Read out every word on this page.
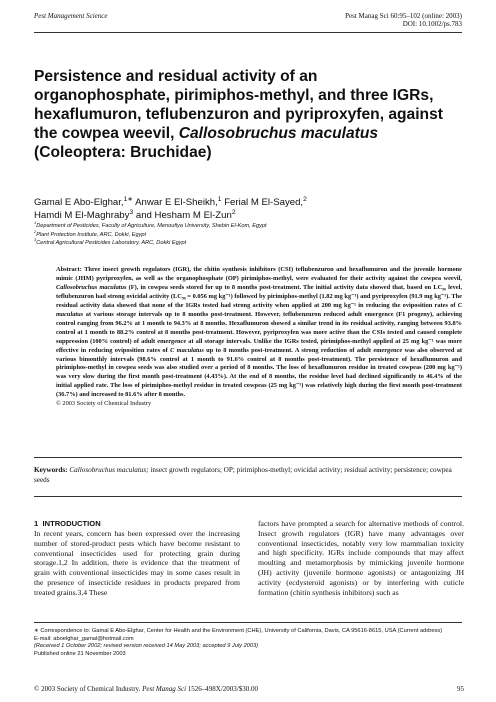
Pest Management Science	Pest Manag Sci 60:95–102 (online: 2003)
DOI: 10.1002/ps.783
Persistence and residual activity of an organophosphate, pirimiphos-methyl, and three IGRs, hexaflumuron, teflubenzuron and pyriproxyfen, against the cowpea weevil, Callosobruchus maculatus (Coleoptera: Bruchidae)
Gamal E Abo-Elghar,$^{1∗}$ Anwar E El-Sheikh,$^1$ Ferial M El-Sayed,$^2$
Hamdi M El-Maghraby$^3$ and Hesham M El-Zun$^2$
$^1$Department of Pesticides, Faculty of Agriculture, Menoufiya University, Shebin El-Kom, Egypt
$^2$Plant Protection Institute, ARC, Dokki, Egypt
$^3$Central Agricultural Pesticides Laboratory, ARC, Dokki Egypt
Abstract: Three insect growth regulators (IGR), the chitin synthesis inhibitors (CSI) teflubenzuron and hexaflumuron and the juvenile hormone mimic (JHM) pyriproxyfen, as well as the organophosphate (OP) pirimiphos-methyl, were evaluated for their activity against the cowpea weevil, Callosobruchus maculatus (F), in cowpea seeds stored for up to 8 months post-treatment. The initial activity data showed that, based on LC₉₀ level, teflubenzuron had strong ovicidal activity (LC₉₀ = 0.056 mg kg⁻¹) followed by pirimiphos-methyl (1.82 mg kg⁻¹) and pyriproxyfen (91.9 mg kg⁻¹). The residual activity data showed that none of the IGRs tested had strong activity when applied at 200 mg kg⁻¹ in reducing the oviposition rates of C maculatus at various storage intervals up to 8 months post-treatment. However, teflubenzuron reduced adult emergence (F1 progeny), achieving control ranging from 96.2% at 1 month to 94.3% at 8 months. Hexaflumuron showed a similar trend in its residual activity, ranging between 93.8% control at 1 month to 88.2% control at 8 months post-treatment. However, pyriproxyfen was more active than the CSIs tested and caused complete suppression (100% control) of adult emergence at all storage intervals. Unlike the IGRs tested, pirimiphos-methyl applied at 25 mg kg⁻¹ was more effective in reducing oviposition rates of C maculatus up to 8 months post-treatment. A strong reduction of adult emergence was also observed at various bimonthly intervals (98.6% control at 1 month to 91.6% control at 8 months post-treatment). The persistence of hexaflumuron and pirimiphos-methyl in cowpea seeds was also studied over a period of 8 months. The loss of hexaflumuron residue in treated cowpeas (200 mg kg⁻¹) was very slow during the first month post-treatment (4.43%). At the end of 8 months, the residue level had declined significantly to 46.4% of the initial applied rate. The loss of pirimiphos-methyl residue in treated cowpeas (25 mg kg⁻¹) was relatively high during the first month post-treatment (36.7%) and increased to 81.6% after 8 months.
© 2003 Society of Chemical Industry
Keywords: Callosobruchus maculatus; insect growth regulators; OP; pirimiphos-methyl; ovicidal activity; residual activity; persistence; cowpea seeds
1 INTRODUCTION
In recent years, concern has been expressed over the increasing number of stored-product pests which have become resistant to conventional insecticides used for protecting grain during storage.1,2 In addition, there is evidence that the treatment of grain with conventional insecticides may in some cases result in the presence of insecticide residues in products prepared from treated grains.3,4 These
factors have prompted a search for alternative methods of control. Insect growth regulators (IGR) have many advantages over conventional insecticides, notably very low mammalian toxicity and high specificity. IGRs include compounds that may affect moulting and metamorphosis by mimicking juvenile hormone (JH) activity (juvenile hormone agonists) or antagonizing JH activity (ecdysteroid agonists) or by interfering with cuticle formation (chitin synthesis inhibitors) such as
∗ Correspondence to: Gamal E Abo-Elghar, Center for Health and the Environment (CHE), University of California, Davis, CA 95616-8615, USA (Current address)
E-mail: aboelghar_gamal@hotmail.com
(Received 1 October 2002; revised version received 14 May 2003; accepted 9 July 2003)
Published online 21 November 2003
© 2003 Society of Chemical Industry. Pest Manag Sci 1526–498X/2003/$30.00	95
